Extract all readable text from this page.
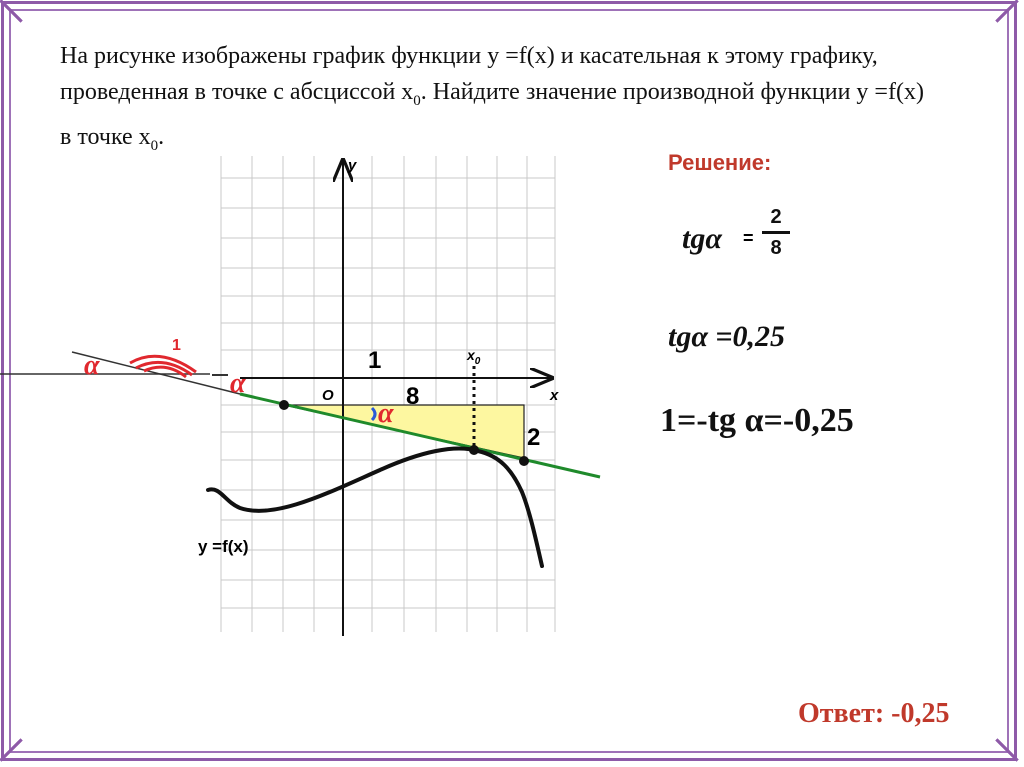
На рисунке изображены график функции y =f(x) и касательная к этому графику, проведенная в точке с абсциссой $x_0$. Найдите значение производной функции y =f(x) в точке $x_0$.
y
x
O
1	$x_0$
8
2
α
α
α
1
y =f(x)
Решение:
tgα =
2
8
tgα =0,25
1=-tg α=-0,25
Ответ: -0,25
